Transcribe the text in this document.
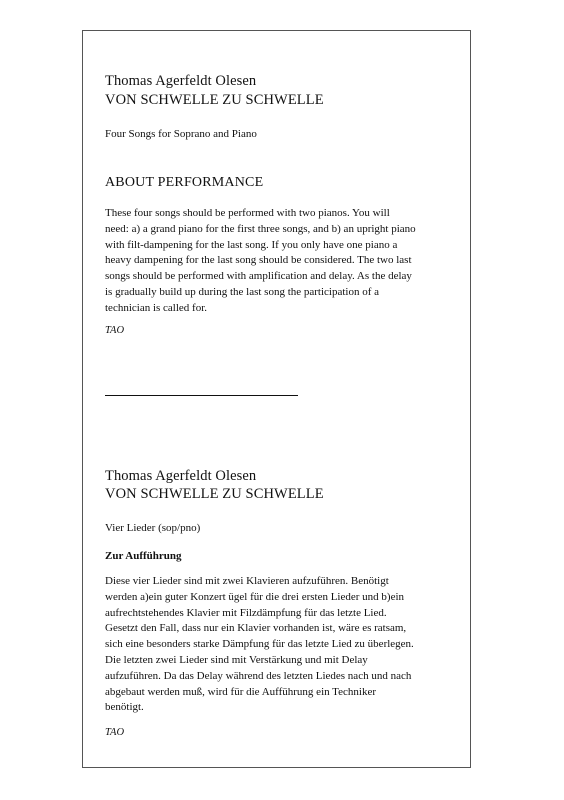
Thomas Agerfeldt Olesen
VON SCHWELLE ZU SCHWELLE
Four Songs for Soprano and Piano
ABOUT PERFORMANCE
These four songs should be performed with two pianos. You will
need: a) a grand piano for the first three songs, and b) an upright piano
with filt-dampening for the last song. If you only have one piano a
heavy dampening for the last song should be considered. The two last
songs should be performed with amplification and delay. As the delay
is gradually build up during the last song the participation of a
technician is called for.
TAO
Thomas Agerfeldt Olesen
VON SCHWELLE ZU SCHWELLE
Vier Lieder (sop/pno)
Zur Aufführung
Diese vier Lieder sind mit zwei Klavieren aufzuführen. Benötigt
werden a)ein guter Konzert ügel für die drei ersten Lieder und b)ein
aufrechtstehendes Klavier mit Filzdämpfung für das letzte Lied.
Gesetzt den Fall, dass nur ein Klavier vorhanden ist, wäre es ratsam,
sich eine besonders starke Dämpfung für das letzte Lied zu überlegen.
Die letzten zwei Lieder sind mit Verstärkung und mit Delay
aufzuführen. Da das Delay während des letzten Liedes nach und nach
abgebaut werden muß, wird für die Aufführung ein Techniker
benötigt.
TAO
